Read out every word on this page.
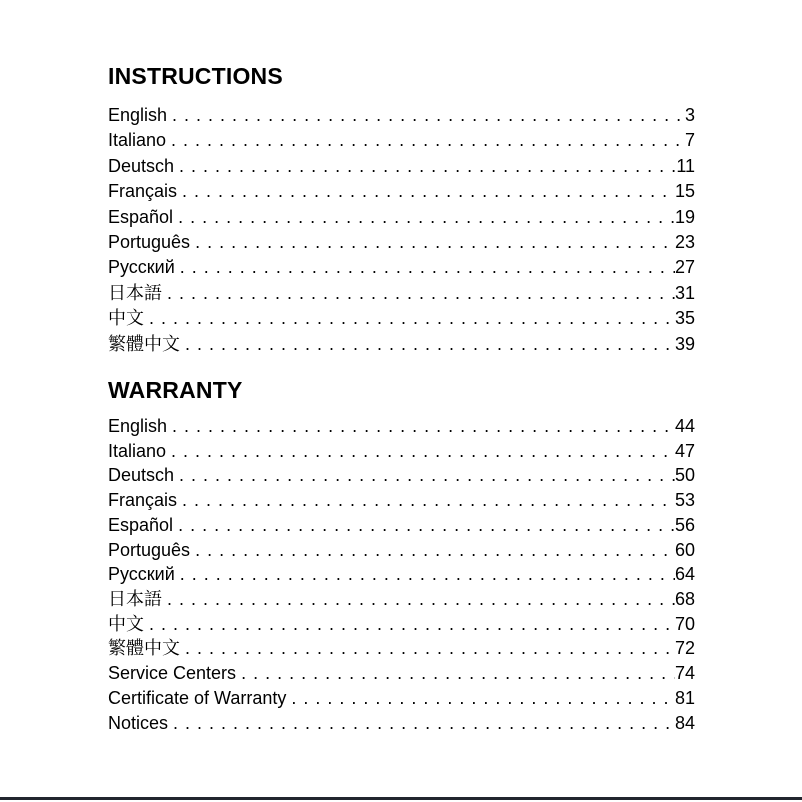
INSTRUCTIONS
English . . .	3
Italiano . . .	7
Deutsch . . .	11
Français . . .	15
Español . . .	19
Português . . .	23
Русский . . .	27
日本語 . . .	31
中文 . . .	35
繁體中文 . . .	39
WARRANTY
English . . .	44
Italiano . . .	47
Deutsch . . .	50
Français . . .	53
Español . . .	56
Português . . .	60
Русский . . .	64
日本語 . . .	68
中文 . . .	70
繁體中文 . . .	72
Service Centers . . .	74
Certificate of Warranty . . .	81
Notices . . .	84
